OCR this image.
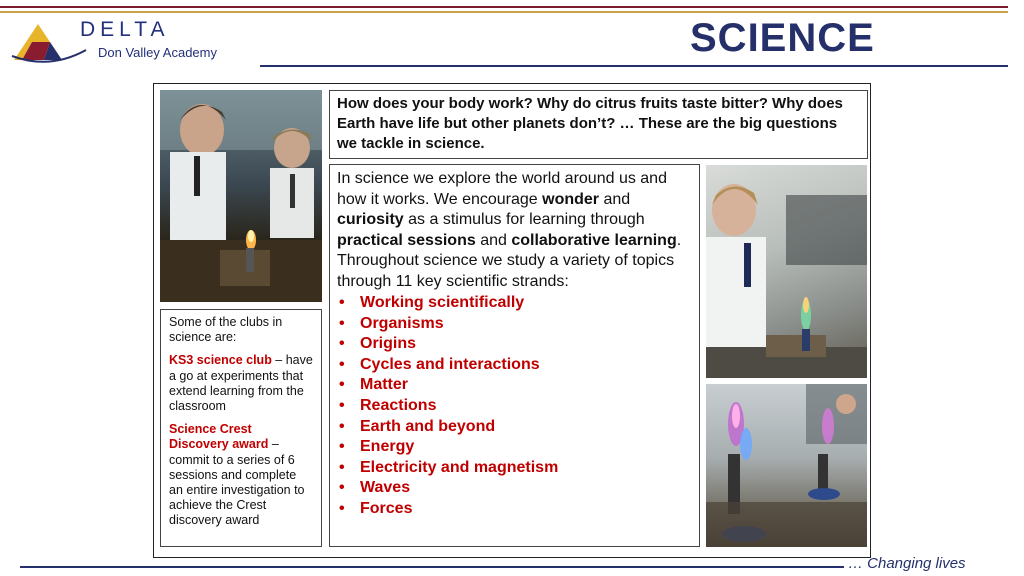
DELTA
Don Valley Academy	SCIENCE
How does your body work? Why do citrus fruits taste bitter? Why does Earth have life but other planets don’t? … These are the big questions we tackle in science.
In science we explore the world around us and how it works. We encourage wonder and curiosity as a stimulus for learning through practical sessions and collaborative learning.
Throughout science we study a variety of topics through 11 key scientific strands:
• Working scientifically
• Organisms
• Origins
• Cycles and interactions
• Matter
• Reactions
• Earth and beyond
• Energy
• Electricity and magnetism
• Waves
• Forces

Some of the clubs in science are:

KS3 science club – have a go at experiments that extend learning from the classroom

Science Crest Discovery award – commit to a series of 6 sessions and complete an entire investigation to achieve the Crest discovery award

… Changing lives
